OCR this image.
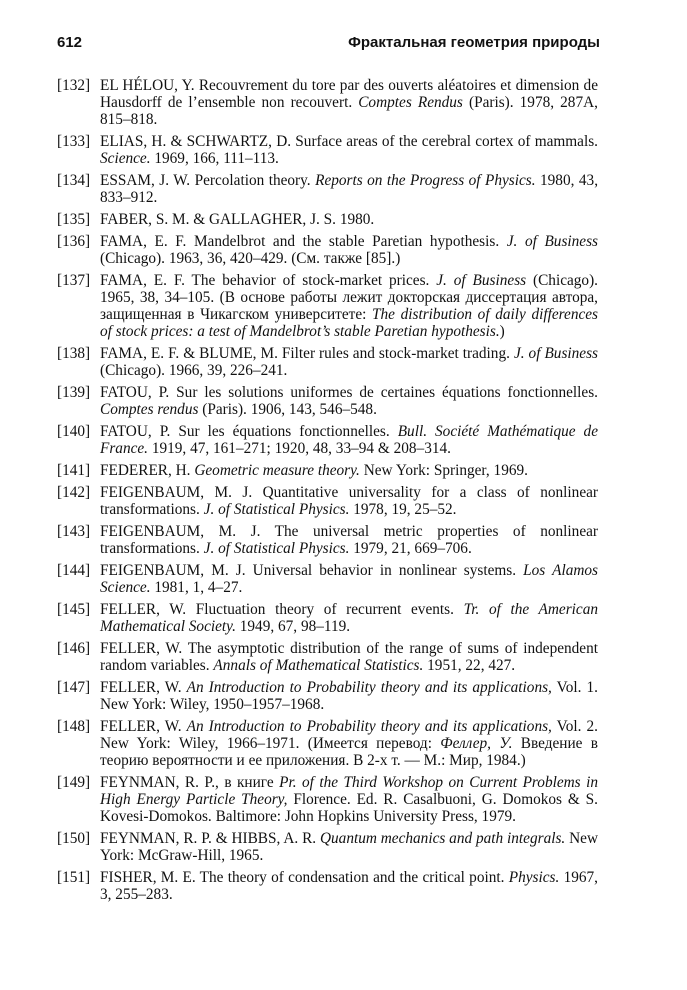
612	Фрактальная геометрия природы
[132] EL HÉLOU, Y. Recouvrement du tore par des ouverts aléatoires et dimension de Hausdorff de l’ensemble non recouvert. Comptes Rendus (Paris). 1978, 287A, 815–818.
[133] ELIAS, H. & SCHWARTZ, D. Surface areas of the cerebral cortex of mammals. Science. 1969, 166, 111–113.
[134] ESSAM, J. W. Percolation theory. Reports on the Progress of Physics. 1980, 43, 833–912.
[135] FABER, S. M. & GALLAGHER, J. S. 1980.
[136] FAMA, E. F. Mandelbrot and the stable Paretian hypothesis. J. of Business (Chicago). 1963, 36, 420–429. (См. также [85].)
[137] FAMA, E. F. The behavior of stock-market prices. J. of Business (Chicago). 1965, 38, 34–105. (В основе работы лежит докторская диссертация автора, защищенная в Чикагском университете: The distribution of daily differences of stock prices: a test of Mandelbrot’s stable Paretian hypothesis.)
[138] FAMA, E. F. & BLUME, M. Filter rules and stock-market trading. J. of Business (Chicago). 1966, 39, 226–241.
[139] FATOU, P. Sur les solutions uniformes de certaines équations fonctionnelles. Comptes rendus (Paris). 1906, 143, 546–548.
[140] FATOU, P. Sur les équations fonctionnelles. Bull. Société Mathématique de France. 1919, 47, 161–271; 1920, 48, 33–94 & 208–314.
[141] FEDERER, H. Geometric measure theory. New York: Springer, 1969.
[142] FEIGENBAUM, M. J. Quantitative universality for a class of nonlinear transformations. J. of Statistical Physics. 1978, 19, 25–52.
[143] FEIGENBAUM, M. J. The universal metric properties of nonlinear transformations. J. of Statistical Physics. 1979, 21, 669–706.
[144] FEIGENBAUM, M. J. Universal behavior in nonlinear systems. Los Alamos Science. 1981, 1, 4–27.
[145] FELLER, W. Fluctuation theory of recurrent events. Tr. of the American Mathematical Society. 1949, 67, 98–119.
[146] FELLER, W. The asymptotic distribution of the range of sums of independent random variables. Annals of Mathematical Statistics. 1951, 22, 427.
[147] FELLER, W. An Introduction to Probability theory and its applications, Vol. 1. New York: Wiley, 1950–1957–1968.
[148] FELLER, W. An Introduction to Probability theory and its applications, Vol. 2. New York: Wiley, 1966–1971. (Имеется перевод: Феллер, У. Введение в теорию вероятности и ее приложения. В 2-х т. — М.: Мир, 1984.)
[149] FEYNMAN, R. P., в книге Pr. of the Third Workshop on Current Problems in High Energy Particle Theory, Florence. Ed. R. Casalbuoni, G. Domokos & S. Kovesi-Domokos. Baltimore: John Hopkins University Press, 1979.
[150] FEYNMAN, R. P. & HIBBS, A. R. Quantum mechanics and path integrals. New York: McGraw-Hill, 1965.
[151] FISHER, M. E. The theory of condensation and the critical point. Physics. 1967, 3, 255–283.
